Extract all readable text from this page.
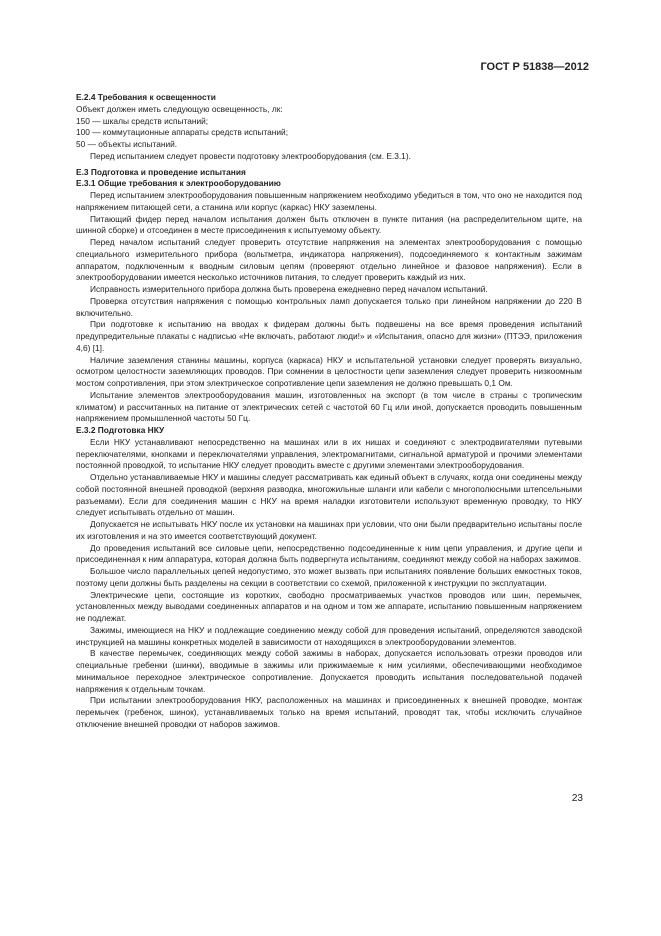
ГОСТ Р 51838—2012

Е.2.4 Требования к освещенности

Объект должен иметь следующую освещенность, лк:

150 — шкалы средств испытаний;

100 — коммутационные аппараты средств испытаний;

50 — объекты испытаний.

Перед испытанием следует провести подготовку электрооборудования (см. Е.3.1).

Е.3 Подготовка и проведение испытания

Е.3.1 Общие требования к электрооборудованию

Перед испытанием электрооборудования повышенным напряжением необходимо убедиться в том, что оно не находится под напряжением питающей сети, а станина или корпус (каркас) НКУ заземлены.

Питающий фидер перед началом испытания должен быть отключен в пункте питания (на распределительном щите, на шинной сборке) и отсоединен в месте присоединения к испытуемому объекту.

Перед началом испытаний следует проверить отсутствие напряжения на элементах электрооборудования с помощью специального измерительного прибора (вольтметра, индикатора напряжения), подсоединяемого к контактным зажимам аппаратом, подключенным к вводным силовым цепям (проверяют отдельно линейное и фазовое напряжения). Если в электрооборудовании имеется несколько источников питания, то следует проверить каждый из них.

Исправность измерительного прибора должна быть проверена ежедневно перед началом испытаний.

Проверка отсутствия напряжения с помощью контрольных ламп допускается только при линейном напряжении до 220 В включительно.

При подготовке к испытанию на вводах к фидерам должны быть подвешены на все время проведения испытаний предупредительные плакаты с надписью «Не включать, работают люди!» и «Испытания, опасно для жизни» (ПТЭЭ, приложения 4,6) [1].

Наличие заземления станины машины, корпуса (каркаса) НКУ и испытательной установки следует проверять визуально, осмотром целостности заземляющих проводов. При сомнении в целостности цепи заземления следует проверить низкоомным мостом сопротивления, при этом электрическое сопротивление цепи заземления не должно превышать 0,1 Ом.

Испытание элементов электрооборудования машин, изготовленных на экспорт (в том числе в страны с тропическим климатом) и рассчитанных на питание от электрических сетей с частотой 60 Гц или иной, допускается проводить повышенным напряжением промышленной частоты 50 Гц.

Е.3.2 Подготовка НКУ

Если НКУ устанавливают непосредственно на машинах или в их нишах и соединяют с электродвигателями путевыми переключателями, кнопками и переключателями управления, электромагнитами, сигнальной арматурой и прочими элементами постоянной проводкой, то испытание НКУ следует проводить вместе с другими элементами электрооборудования.

Отдельно устанавливаемые НКУ и машины следует рассматривать как единый объект в случаях, когда они соединены между собой постоянной внешней проводкой (верхняя разводка, многожильные шланги или кабели с многополюсными штепсельными разъемами). Если для соединения машин с НКУ на время наладки изготовители используют временную проводку, то НКУ следует испытывать отдельно от машин.

Допускается не испытывать НКУ после их установки на машинах при условии, что они были предварительно испытаны после их изготовления и на это имеется соответствующий документ.

До проведения испытаний все силовые цепи, непосредственно подсоединенные к ним цепи управления, и другие цепи и присоединенная к ним аппаратура, которая должна быть подвергнута испытаниям, соединяют между собой на наборах зажимов.

Большое число параллельных цепей недопустимо, это может вызвать при испытаниях появление больших емкостных токов, поэтому цепи должны быть разделены на секции в соответствии со схемой, приложенной к инструкции по эксплуатации.

Электрические цепи, состоящие из коротких, свободно просматриваемых участков проводов или шин, перемычек, установленных между выводами соединенных аппаратов и на одном и том же аппарате, испытанию повышенным напряжением не подлежат.

Зажимы, имеющиеся на НКУ и подлежащие соединению между собой для проведения испытаний, определяются заводской инструкцией на машины конкретных моделей в зависимости от находящихся в электрооборудовании элементов.

В качестве перемычек, соединяющих между собой зажимы в наборах, допускается использовать отрезки проводов или специальные гребенки (шинки), вводимые в зажимы или прижимаемые к ним усилиями, обеспечивающими необходимое минимальное переходное электрическое сопротивление. Допускается проводить испытания последовательной подачей напряжения к отдельным точкам.

При испытании электрооборудования НКУ, расположенных на машинах и присоединенных к внешней проводке, монтаж перемычек (гребенок, шинок), устанавливаемых только на время испытаний, проводят так, чтобы исключить случайное отключение внешней проводки от наборов зажимов.

23
